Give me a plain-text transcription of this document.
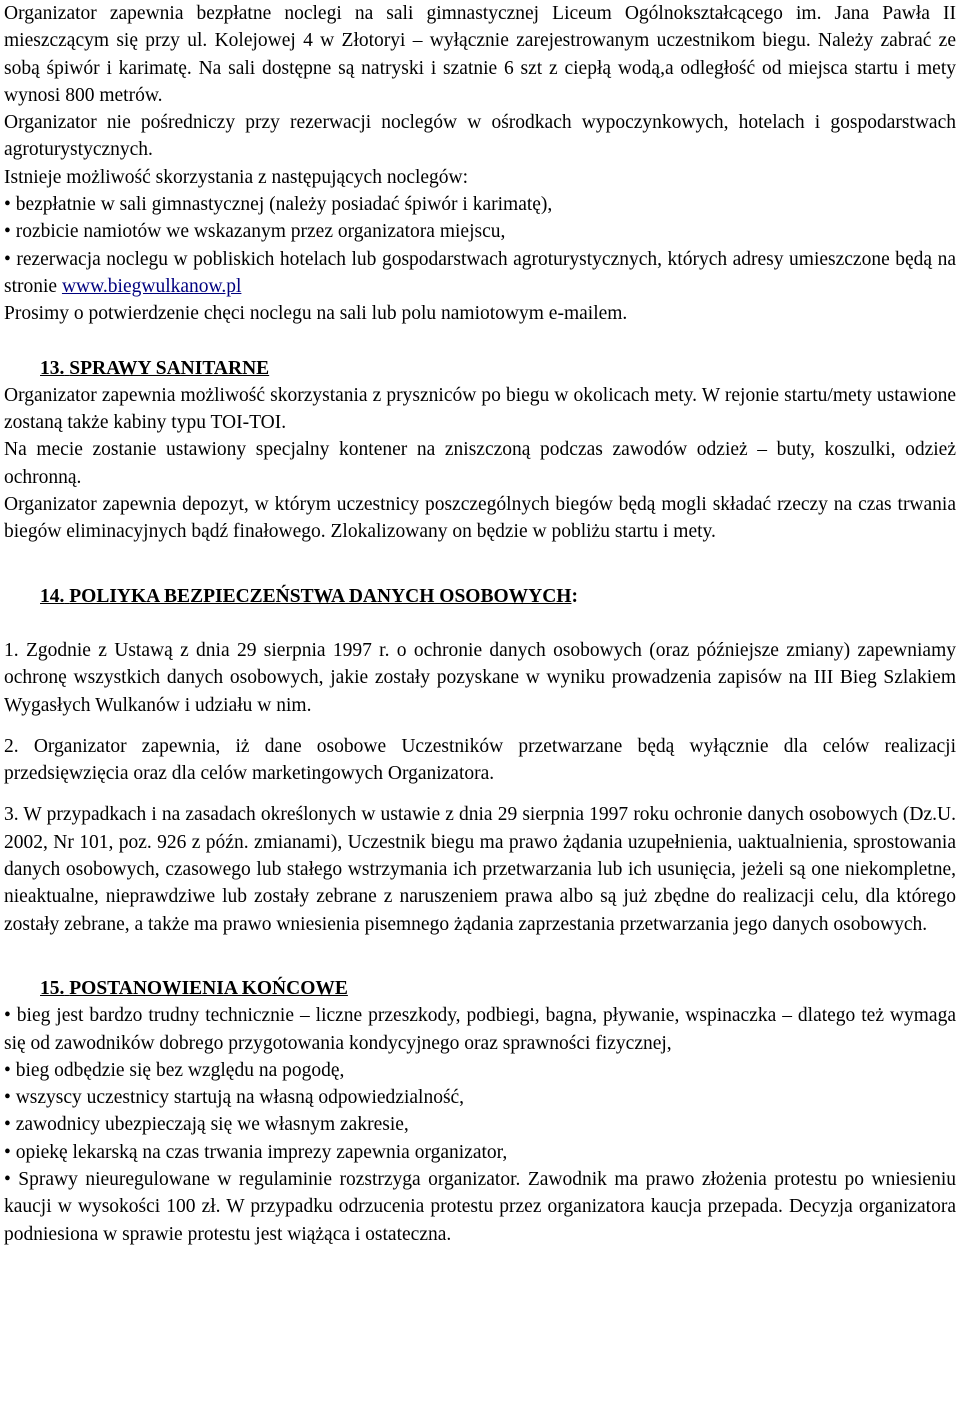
Organizator zapewnia bezpłatne noclegi na sali gimnastycznej Liceum Ogólnokształcącego im. Jana Pawła II mieszczącym się przy ul. Kolejowej 4 w Złotoryi – wyłącznie zarejestrowanym uczestnikom biegu. Należy zabrać ze sobą śpiwór i karimatę. Na sali dostępne są natryski i szatnie 6 szt z ciepłą wodą,a odległość od miejsca startu i mety wynosi 800 metrów.

Organizator nie pośredniczy przy rezerwacji noclegów w ośrodkach wypoczynkowych, hotelach i gospodarstwach agroturystycznych.

Istnieje możliwość skorzystania z następujących noclegów:

• bezpłatnie w sali gimnastycznej (należy posiadać śpiwór i karimatę),

• rozbicie namiotów we wskazanym przez organizatora miejscu,

• rezerwacja noclegu w pobliskich hotelach lub gospodarstwach agroturystycznych, których adresy umieszczone będą na stronie www.biegwulkanow.pl

Prosimy o potwierdzenie chęci noclegu na sali lub polu namiotowym e-mailem.

13. SPRAWY SANITARNE

Organizator zapewnia możliwość skorzystania z pryszniców po biegu w okolicach mety. W rejonie startu/mety ustawione zostaną także kabiny typu TOI-TOI.

Na mecie zostanie ustawiony specjalny kontener na zniszczoną podczas zawodów odzież – buty, koszulki, odzież ochronną.

Organizator zapewnia depozyt, w którym uczestnicy poszczególnych biegów będą mogli składać rzeczy na czas trwania biegów eliminacyjnych bądź finałowego. Zlokalizowany on będzie w pobliżu startu i mety.

14. POLIYKA BEZPIECZEŃSTWA DANYCH OSOBOWYCH:

1. Zgodnie z Ustawą z dnia 29 sierpnia 1997 r. o ochronie danych osobowych (oraz późniejsze zmiany) zapewniamy ochronę wszystkich danych osobowych, jakie zostały pozyskane w wyniku prowadzenia zapisów na III Bieg Szlakiem Wygasłych Wulkanów i udziału w nim.

2. Organizator zapewnia, iż dane osobowe Uczestników przetwarzane będą wyłącznie dla celów realizacji przedsięwzięcia oraz dla celów marketingowych Organizatora.

3. W przypadkach i na zasadach określonych w ustawie z dnia 29 sierpnia 1997 roku ochronie danych osobowych (Dz.U. 2002, Nr 101, poz. 926 z późn. zmianami), Uczestnik biegu ma prawo żądania uzupełnienia, uaktualnienia, sprostowania danych osobowych, czasowego lub stałego wstrzymania ich przetwarzania lub ich usunięcia, jeżeli są one niekompletne, nieaktualne, nieprawdziwe lub zostały zebrane z naruszeniem prawa albo są już zbędne do realizacji celu, dla którego zostały zebrane, a także ma prawo wniesienia pisemnego żądania zaprzestania przetwarzania jego danych osobowych.

15. POSTANOWIENIA KOŃCOWE

• bieg jest bardzo trudny technicznie – liczne przeszkody, podbiegi, bagna, pływanie, wspinaczka – dlatego też wymaga się od zawodników dobrego przygotowania kondycyjnego oraz sprawności fizycznej,

• bieg odbędzie się bez względu na pogodę,

• wszyscy uczestnicy startują na własną odpowiedzialność,

• zawodnicy ubezpieczają się we własnym zakresie,

• opiekę lekarską na czas trwania imprezy zapewnia organizator,

• Sprawy nieuregulowane w regulaminie rozstrzyga organizator. Zawodnik ma prawo złożenia protestu po wniesieniu kaucji w wysokości 100 zł. W przypadku odrzucenia protestu przez organizatora kaucja przepada. Decyzja organizatora podniesiona w sprawie protestu jest wiążąca i ostateczna.
